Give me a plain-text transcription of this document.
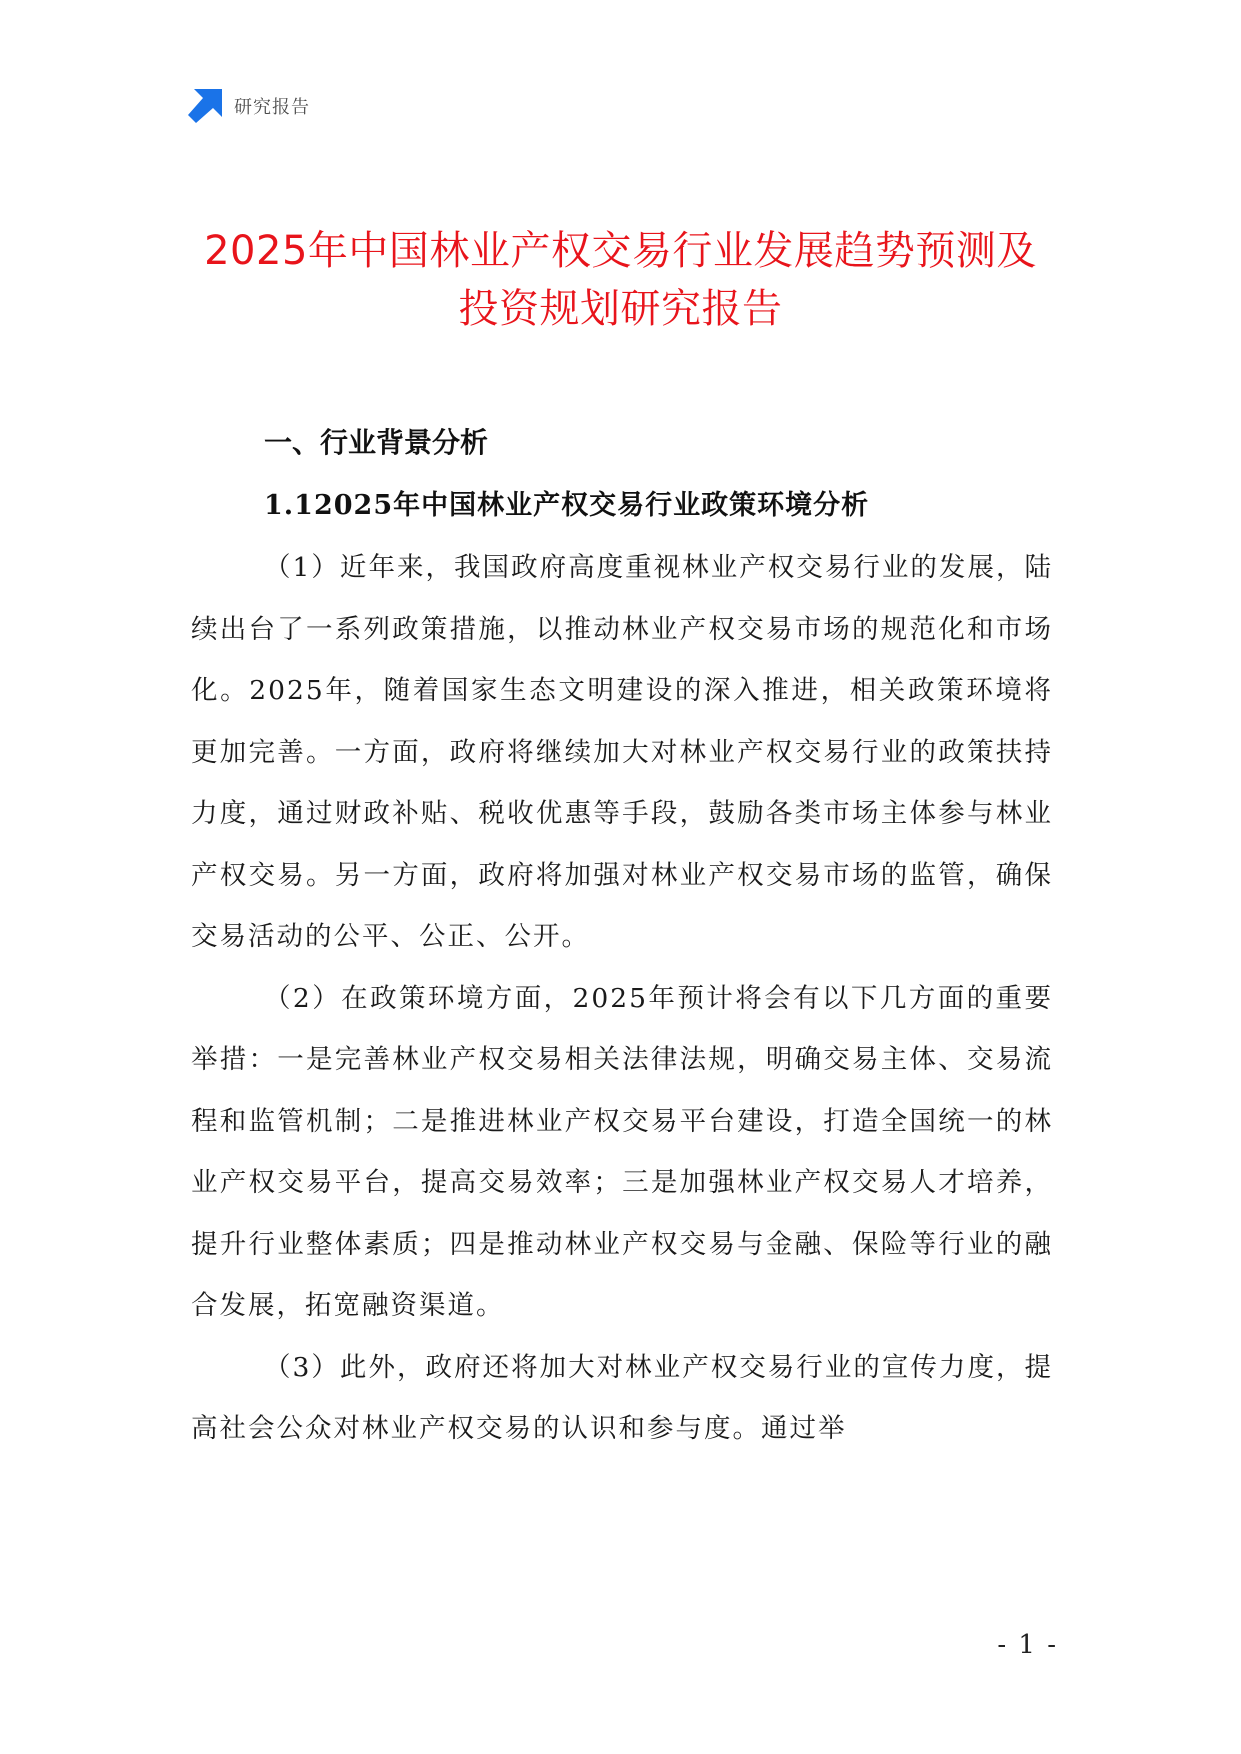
研究报告
2025年中国林业产权交易行业发展趋势预测及投资规划研究报告
一、行业背景分析
1.12025年中国林业产权交易行业政策环境分析

（1）近年来，我国政府高度重视林业产权交易行业的发展，陆续出台了一系列政策措施，以推动林业产权交易市场的规范化和市场化。2025年，随着国家生态文明建设的深入推进，相关政策环境将更加完善。一方面，政府将继续加大对林业产权交易行业的政策扶持力度，通过财政补贴、税收优惠等手段，鼓励各类市场主体参与林业产权交易。另一方面，政府将加强对林业产权交易市场的监管，确保交易活动的公平、公正、公开。

（2）在政策环境方面，2025年预计将会有以下几方面的重要举措：一是完善林业产权交易相关法律法规，明确交易主体、交易流程和监管机制；二是推进林业产权交易平台建设，打造全国统一的林业产权交易平台，提高交易效率；三是加强林业产权交易人才培养，提升行业整体素质；四是推动林业产权交易与金融、保险等行业的融合发展，拓宽融资渠道。

（3）此外，政府还将加大对林业产权交易行业的宣传力度，提高社会公众对林业产权交易的认识和参与度。通过举

- 1 -
